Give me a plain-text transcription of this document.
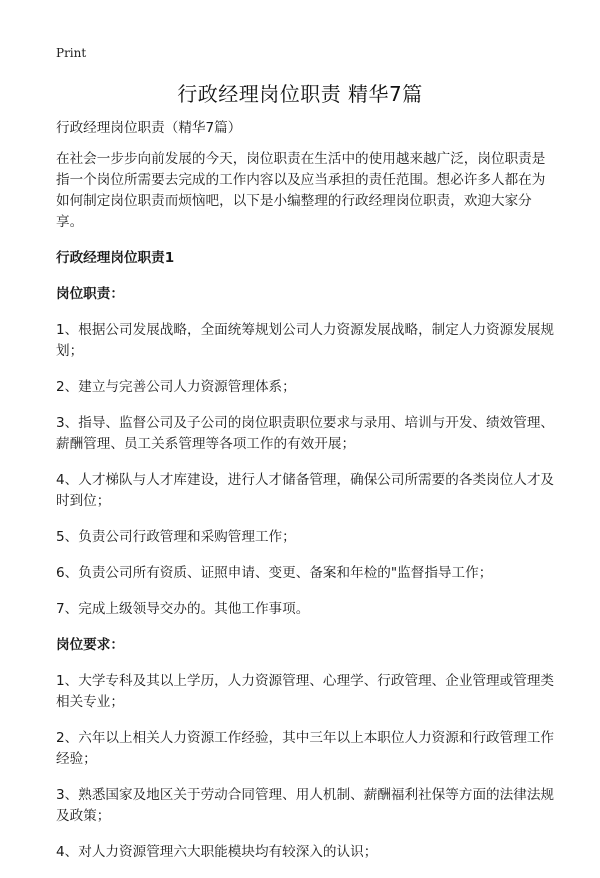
Print
行政经理岗位职责 精华7篇

行政经理岗位职责（精华7篇）

在社会一步步向前发展的今天，岗位职责在生活中的使用越来越广泛，岗位职责是指一个岗位所需要去完成的工作内容以及应当承担的责任范围。想必许多人都在为如何制定岗位职责而烦恼吧，以下是小编整理的行政经理岗位职责，欢迎大家分享。

行政经理岗位职责1

岗位职责：

1、根据公司发展战略，全面统筹规划公司人力资源发展战略，制定人力资源发展规划；

2、建立与完善公司人力资源管理体系；

3、指导、监督公司及子公司的岗位职责职位要求与录用、培训与开发、绩效管理、薪酬管理、员工关系管理等各项工作的有效开展；

4、人才梯队与人才库建设，进行人才储备管理，确保公司所需要的各类岗位人才及时到位；

5、负责公司行政管理和采购管理工作；

6、负责公司所有资质、证照申请、变更、备案和年检的"监督指导工作；

7、完成上级领导交办的。其他工作事项。

岗位要求：

1、大学专科及其以上学历，人力资源管理、心理学、行政管理、企业管理或管理类相关专业；

2、六年以上相关人力资源工作经验，其中三年以上本职位人力资源和行政管理工作经验；

3、熟悉国家及地区关于劳动合同管理、用人机制、薪酬福利社保等方面的法律法规及政策；

4、对人力资源管理六大职能模块均有较深入的认识；
